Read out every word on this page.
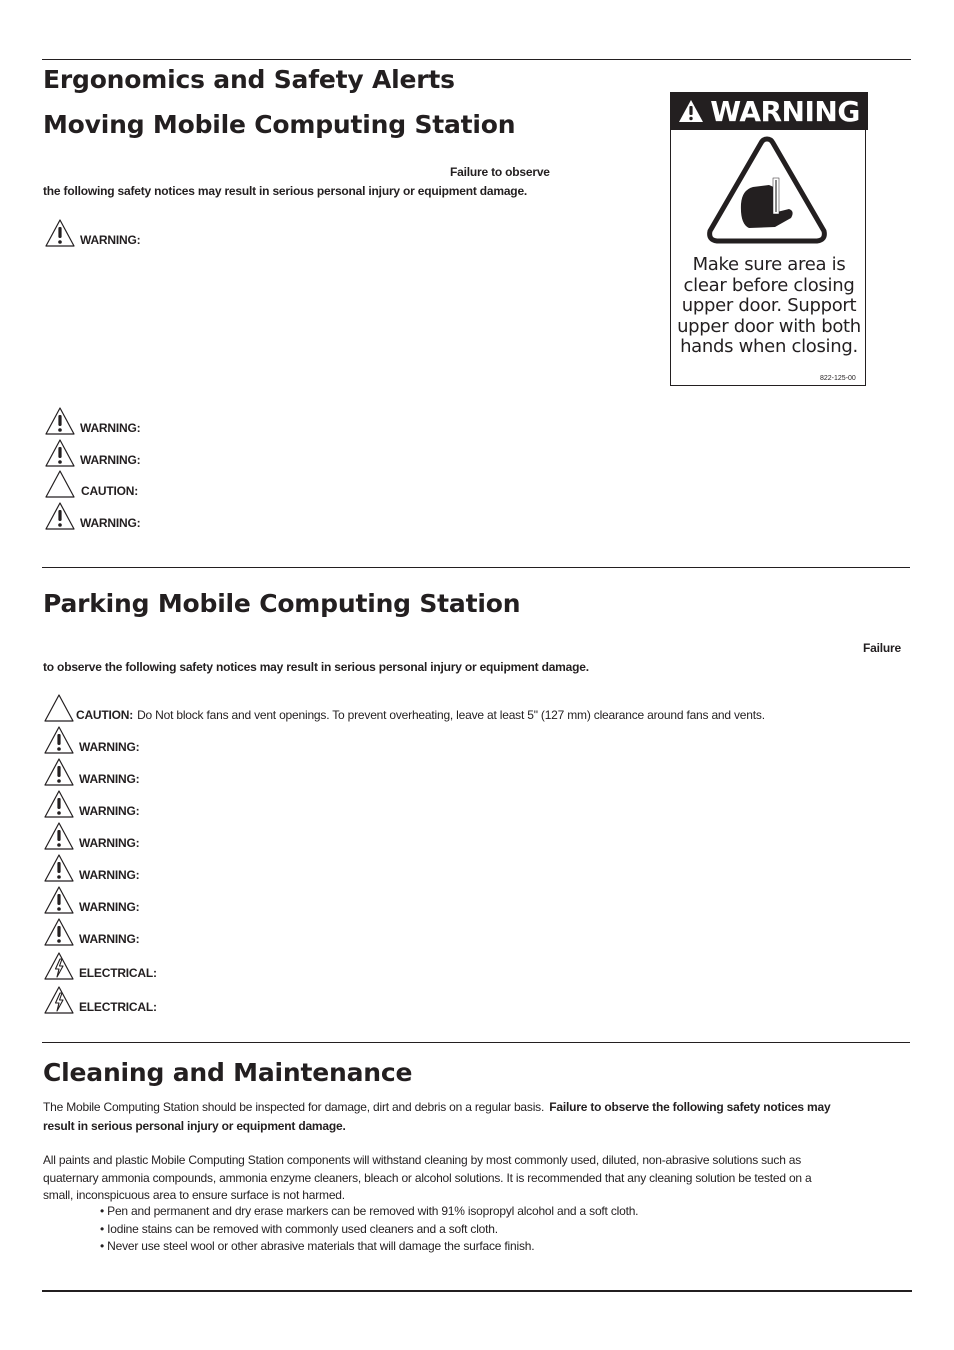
Ergonomics and Safety Alerts
Moving Mobile Computing Station
Failure to observe
the following safety notices may result in serious personal injury or equipment damage.
WARNING:
WARNING:
WARNING:
CAUTION:
WARNING:
WARNING
Make sure area is clear before closing upper door. Support upper door with both hands when closing.
822-125-00
Parking Mobile Computing Station
Failure
to observe the following safety notices may result in serious personal injury or equipment damage.
CAUTION: Do Not block fans and vent openings. To prevent overheating, leave at least 5" (127 mm) clearance around fans and vents.
WARNING:
WARNING:
WARNING:
WARNING:
WARNING:
WARNING:
WARNING:
ELECTRICAL:
ELECTRICAL:
Cleaning and Maintenance
The Mobile Computing Station should be inspected for damage, dirt and debris on a regular basis. Failure to observe the following safety notices may
result in serious personal injury or equipment damage.
All paints and plastic Mobile Computing Station components will withstand cleaning by most commonly used, diluted, non-abrasive solutions such as
quaternary ammonia compounds, ammonia enzyme cleaners, bleach or alcohol solutions. It is recommended that any cleaning solution be tested on a
small, inconspicuous area to ensure surface is not harmed.
• Pen and permanent and dry erase markers can be removed with 91% isopropyl alcohol and a soft cloth.
• Iodine stains can be removed with commonly used cleaners and a soft cloth.
• Never use steel wool or other abrasive materials that will damage the surface finish.
